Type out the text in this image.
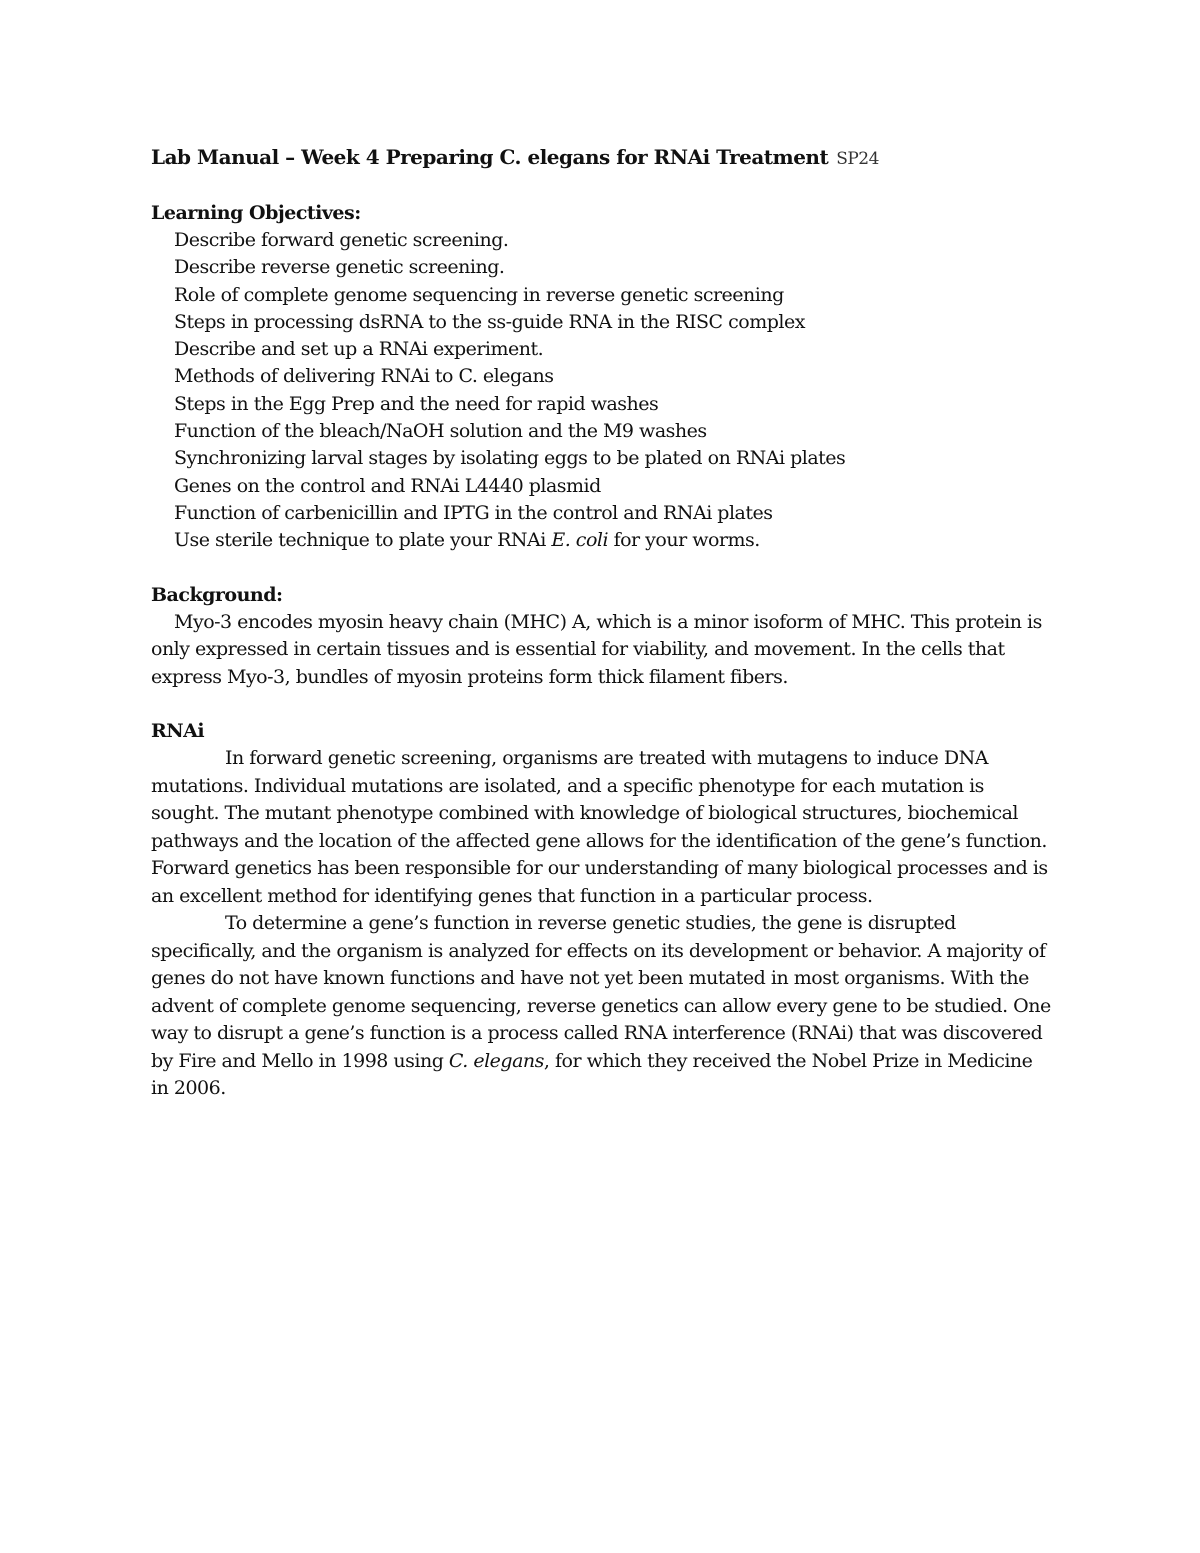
Lab Manual – Week 4 Preparing C. elegans for RNAi Treatment SP24

Learning Objectives:

Describe forward genetic screening.
Describe reverse genetic screening.
Role of complete genome sequencing in reverse genetic screening
Steps in processing dsRNA to the ss-guide RNA in the RISC complex
Describe and set up a RNAi experiment.
Methods of delivering RNAi to C. elegans
Steps in the Egg Prep and the need for rapid washes
Function of the bleach/NaOH solution and the M9 washes
Synchronizing larval stages by isolating eggs to be plated on RNAi plates
Genes on the control and RNAi L4440 plasmid
Function of carbenicillin and IPTG in the control and RNAi plates
Use sterile technique to plate your RNAi E. coli for your worms.

Background:

Myo-3 encodes myosin heavy chain (MHC) A, which is a minor isoform of MHC. This protein is only expressed in certain tissues and is essential for viability, and movement. In the cells that express Myo-3, bundles of myosin proteins form thick filament fibers.

RNAi

In forward genetic screening, organisms are treated with mutagens to induce DNA mutations. Individual mutations are isolated, and a specific phenotype for each mutation is sought. The mutant phenotype combined with knowledge of biological structures, biochemical pathways and the location of the affected gene allows for the identification of the gene’s function. Forward genetics has been responsible for our understanding of many biological processes and is an excellent method for identifying genes that function in a particular process.

To determine a gene’s function in reverse genetic studies, the gene is disrupted specifically, and the organism is analyzed for effects on its development or behavior. A majority of genes do not have known functions and have not yet been mutated in most organisms. With the advent of complete genome sequencing, reverse genetics can allow every gene to be studied. One way to disrupt a gene’s function is a process called RNA interference (RNAi) that was discovered by Fire and Mello in 1998 using C. elegans, for which they received the Nobel Prize in Medicine in 2006.
